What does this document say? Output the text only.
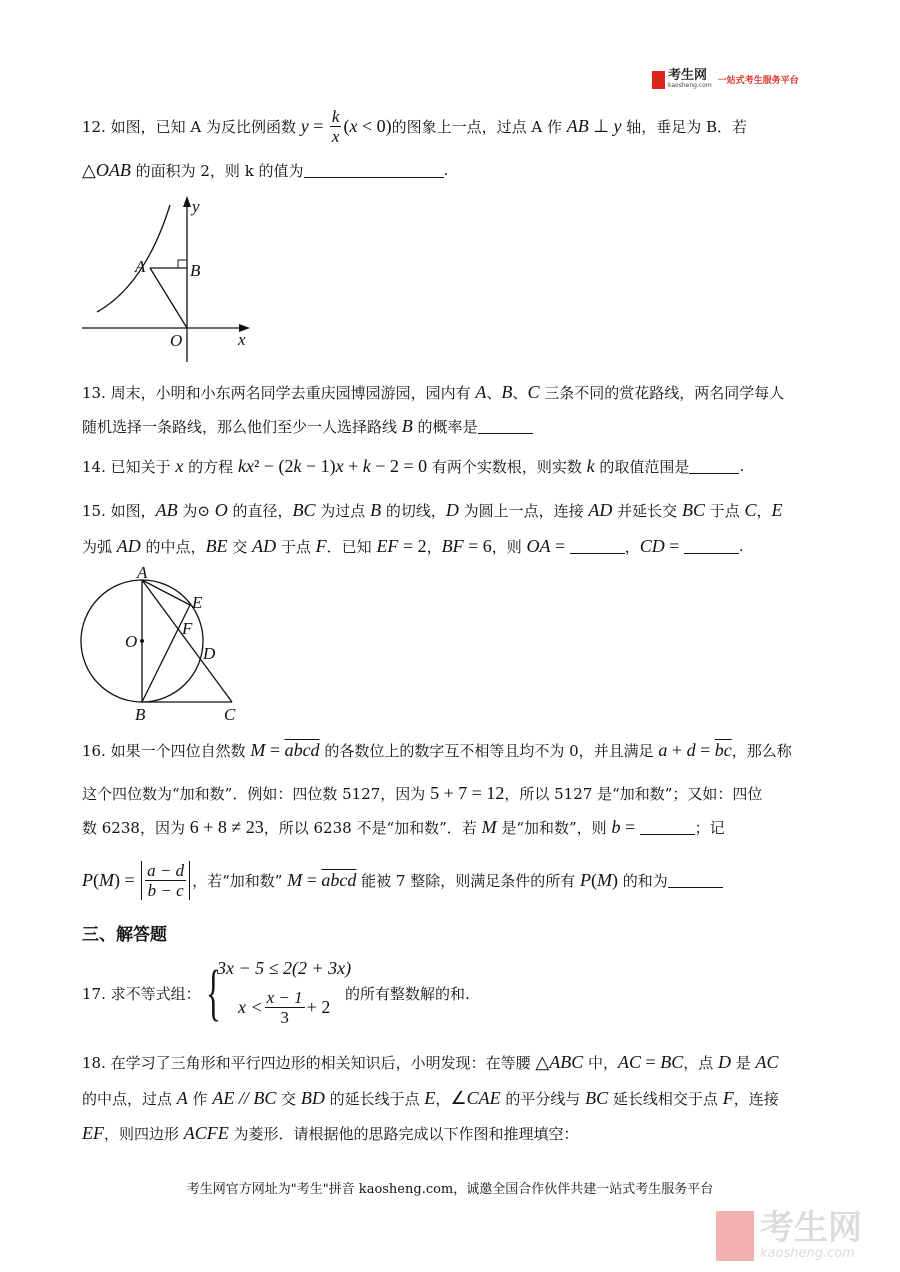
考生网
kaosheng.com 一站式考生服务平台
12. 如图，已知 A 为反比例函数 $y = \frac{k}{x}$ ( x < 0) 的图象上一点，过点 A 作 AB ⊥ y 轴，垂足为 B．若
△ OAB 的面积为 2，则 k 的值为	.
y
x
A	B
O
13. 周末，小明和小东两名同学去重庆园博园游园，园内有 A 、 B 、 C 三条不同的赏花路线，两名同学每人
随机选择一条路线，那么他们至少一人选择路线 B 的概率是
14. 已知关于 x 的方程 kx ² − (2 k − 1) x + k − 2 = 0 有两个实数根，则实数 k 的取值范围是	.
15. 如图， AB 为⊙ O 的直径， BC 为过点 B 的切线， D 为圆上一点，连接 AD 并延长交 BC 于点 C ， E
为弧 AD 的中点， BE 交 AD 于点 F ．已知 EF = 2 ， BF = 6 ，则 OA =	， CD =	.
A
E
F
O
D
B	C
16. 如果一个四位自然数 M = abcd 的各数位上的数字互不相等且均不为 0，并且满足 $a + d = \overline{bc}$ ，那么称
这个四位数为“加和数”．例如：四位数 5127，因为 5 + 7 = 12 ，所以 5127 是“加和数”；又如：四位
数 6238，因为 6 + 8 ≠ 23 ，所以 6238 不是“加和数”．若 M 是“加和数”，则 b =	；记
P ( M ) = $\frac{a - d}{b - c}$ ，若“加和数” M = abcd 能被 7 整除，则满足条件的所有 P ( M ) 的和为
三、解答题
17. 求不等式组： {
3x − 5 ≤ 2(2 + 3x)
$x < \frac{x - 1}{3} + 2$
的所有整数解的和.
18. 在学习了三角形和平行四边形的相关知识后，小明发现：在等腰 △ ABC 中， AC = BC ，点 D 是 AC
的中点，过点 A 作 AE // BC 交 BD 的延长线于点 E ， ∠ CAE 的平分线与 BC 延长线相交于点 F ，连接
EF ，则四边形 ACFE 为菱形．请根据他的思路完成以下作图和推理填空：
考生网官方网址为"考生"拼音 kaosheng.com，诚邀全国合作伙伴共建一站式考生服务平台
考生网
kaosheng.com
